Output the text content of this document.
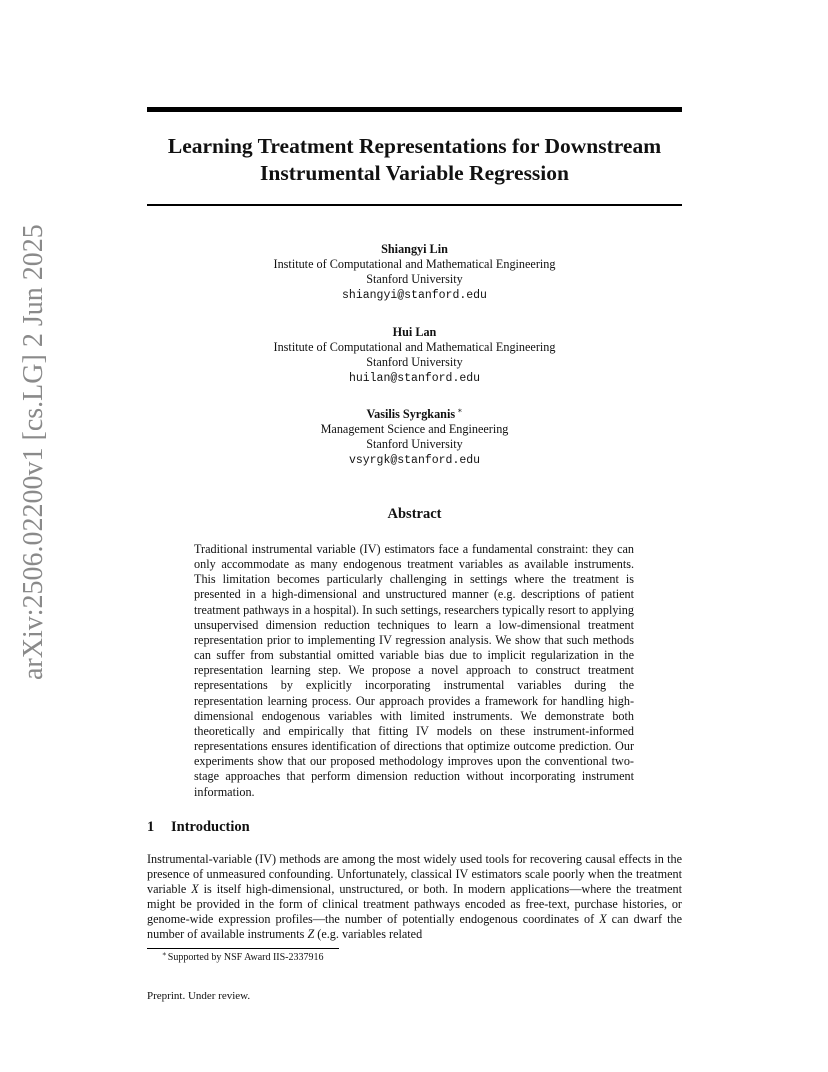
Learning Treatment Representations for Downstream Instrumental Variable Regression
arXiv:2506.02200v1 [cs.LG] 2 Jun 2025	Shiangyi Lin
Institute of Computational and Mathematical Engineering
Stanford University
shiangyi@stanford.edu
Hui Lan
Institute of Computational and Mathematical Engineering
Stanford University
huilan@stanford.edu
Vasilis Syrgkanis ∗
Management Science and Engineering
Stanford University
vsyrgk@stanford.edu
Abstract

Traditional instrumental variable (IV) estimators face a fundamental constraint: they can only accommodate as many endogenous treatment variables as available instruments. This limitation becomes particularly challenging in settings where the treatment is presented in a high-dimensional and unstructured manner (e.g. descriptions of patient treatment pathways in a hospital). In such settings, researchers typically resort to applying unsupervised dimension reduction techniques to learn a low-dimensional treatment representation prior to implementing IV regression analysis. We show that such methods can suffer from substantial omitted variable bias due to implicit regularization in the representation learning step. We propose a novel approach to construct treatment representations by explicitly incorporating instrumental variables during the representation learning process. Our approach provides a framework for handling high-dimensional endogenous variables with limited instruments. We demonstrate both theoretically and empirically that fitting IV models on these instrument-informed representations ensures identification of directions that optimize outcome prediction. Our experiments show that our proposed methodology improves upon the conventional two-stage approaches that perform dimension reduction without incorporating instrument information.

1 Introduction

Instrumental-variable (IV) methods are among the most widely used tools for recovering causal effects in the presence of unmeasured confounding. Unfortunately, classical IV estimators scale poorly when the treatment variable X is itself high-dimensional, unstructured, or both. In modern applications—where the treatment might be provided in the form of clinical treatment pathways encoded as free-text, purchase histories, or genome-wide expression profiles—the number of potentially endogenous coordinates of X can dwarf the number of available instruments Z (e.g. variables related

∗Supported by NSF Award IIS-2337916
Preprint. Under review.
